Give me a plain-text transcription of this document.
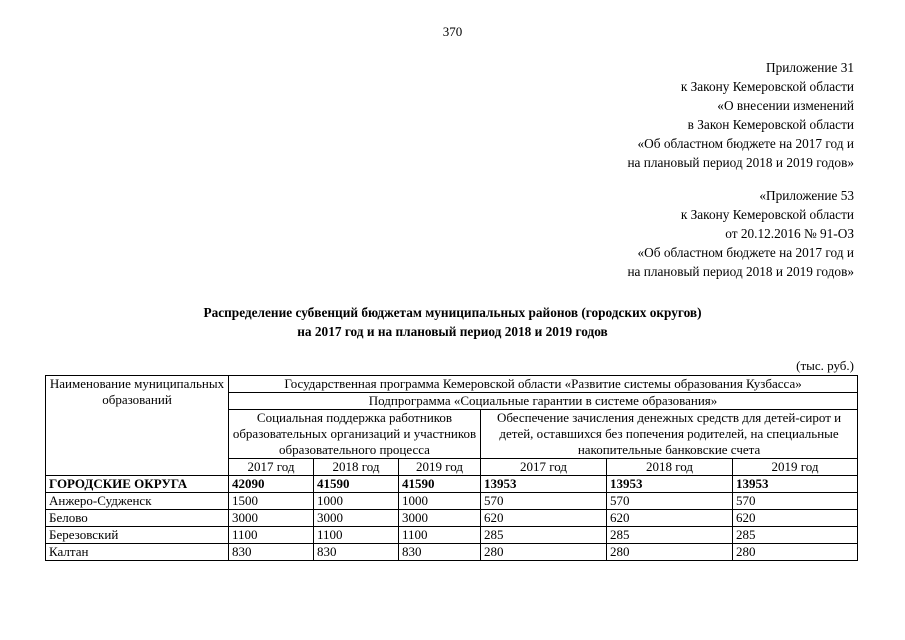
370
Приложение 31
к Закону Кемеровской области
«О внесении изменений
в Закон Кемеровской области
«Об областном бюджете на 2017 год и
на плановый период 2018 и 2019 годов»
«Приложение 53
к Закону Кемеровской области
от 20.12.2016 № 91-ОЗ
«Об областном бюджете на 2017 год и
на плановый период 2018 и 2019 годов»
Распределение субвенций бюджетам муниципальных районов (городских округов)
на 2017 год и на плановый период 2018 и 2019 годов
(тыс. руб.)
Наименование муниципальных образований	Государственная программа Кемеровской области «Развитие системы образования Кузбасса»					
	Подпрограмма «Социальные гарантии в системе образования»					
	Социальная поддержка работников образовательных организаций и участников образовательного процесса			Обеспечение зачисления денежных средств для детей-сирот и детей, оставшихся без попечения родителей, на специальные накопительные банковские счета		
	2017 год	2018 год	2019 год	2017 год	2018 год	2019 год
ГОРОДСКИЕ ОКРУГА	42090	41590	41590	13953	13953	13953
Анжеро-Судженск	1500	1000	1000	570	570	570
Белово	3000	3000	3000	620	620	620
Березовский	1100	1100	1100	285	285	285
Калтан	830	830	830	280	280	280
